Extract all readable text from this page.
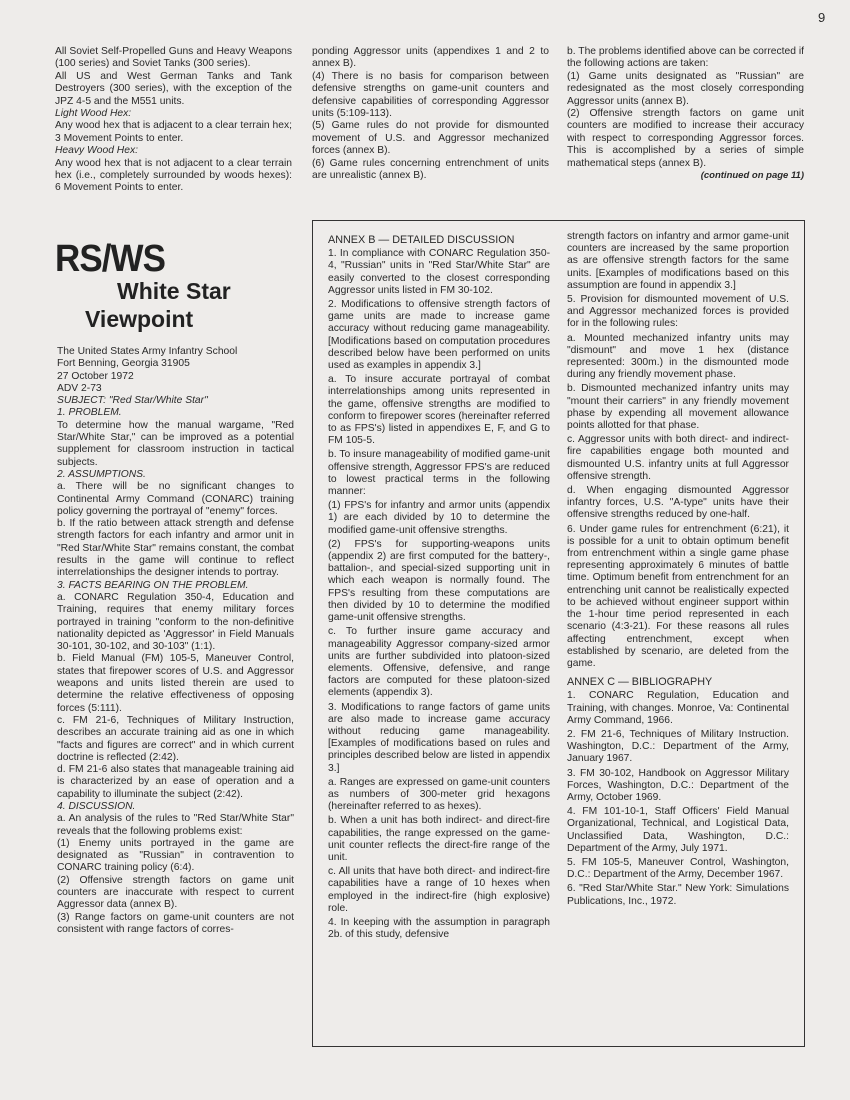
9

All Soviet Self-Propelled Guns and Heavy Weapons (100 series) and Soviet Tanks (300 series).

All US and West German Tanks and Tank Destroyers (300 series), with the exception of the JPZ 4-5 and the M551 units.

Light Wood Hex:

Any wood hex that is adjacent to a clear terrain hex; 3 Movement Points to enter.

Heavy Wood Hex:

Any wood hex that is not adjacent to a clear terrain hex (i.e., completely surrounded by woods hexes): 6 Movement Points to enter.

ponding Aggressor units (appendixes 1 and 2 to annex B).

(4) There is no basis for comparison between defensive strengths on game-unit counters and defensive capabilities of corresponding Aggressor units (5:109-113).

(5) Game rules do not provide for dismounted movement of U.S. and Aggressor mechanized forces (annex B).

(6) Game rules concerning entrenchment of units are unrealistic (annex B).

b. The problems identified above can be corrected if the following actions are taken:

(1) Game units designated as "Russian" are redesignated as the most closely corresponding Aggressor units (annex B).

(2) Offensive strength factors on game unit counters are modified to increase their accuracy with respect to corresponding Aggressor forces. This is accomplished by a series of simple mathematical steps (annex B).

(continued on page 11)

RS/WS
White Star
Viewpoint

The United States Army Infantry School

Fort Benning, Georgia 31905

27 October 1972

ADV 2-73

SUBJECT: "Red Star/White Star"

1. PROBLEM.

To determine how the manual wargame, "Red Star/White Star," can be improved as a potential supplement for classroom instruction in tactical subjects.

2. ASSUMPTIONS.

a. There will be no significant changes to Continental Army Command (CONARC) training policy governing the portrayal of "enemy" forces.

b. If the ratio between attack strength and defense strength factors for each infantry and armor unit in "Red Star/White Star" remains constant, the combat results in the game will continue to reflect interrelationships the designer intends to portray.

3. FACTS BEARING ON THE PROBLEM.

a. CONARC Regulation 350-4, Education and Training, requires that enemy military forces portrayed in training "conform to the non-definitive nationality depicted as 'Aggressor' in Field Manuals 30-101, 30-102, and 30-103" (1:1).

b. Field Manual (FM) 105-5, Maneuver Control, states that firepower scores of U.S. and Aggressor weapons and units listed therein are used to determine the relative effectiveness of opposing forces (5:111).

c. FM 21-6, Techniques of Military Instruction, describes an accurate training aid as one in which "facts and figures are correct" and in which current doctrine is reflected (2:42).

d. FM 21-6 also states that manageable training aid is characterized by an ease of operation and a capability to illuminate the subject (2:42).

4. DISCUSSION.

a. An analysis of the rules to "Red Star/White Star" reveals that the following problems exist:

(1) Enemy units portrayed in the game are designated as "Russian" in contravention to CONARC training policy (6:4).

(2) Offensive strength factors on game unit counters are inaccurate with respect to current Aggressor data (annex B).

(3) Range factors on game-unit counters are not consistent with range factors of corres-

ANNEX B — DETAILED DISCUSSION

1. In compliance with CONARC Regulation 350-4, "Russian" units in "Red Star/White Star" are easily converted to the closest corresponding Aggressor units listed in FM 30-102.

2. Modifications to offensive strength factors of game units are made to increase game accuracy without reducing game manageability. [Modifications based on computation procedures described below have been performed on units used as examples in appendix 3.]

a. To insure accurate portrayal of combat interrelationships among units represented in the game, offensive strengths are modified to conform to firepower scores (hereinafter referred to as FPS's) listed in appendixes E, F, and G to FM 105-5.

b. To insure manageability of modified game-unit offensive strength, Aggressor FPS's are reduced to lowest practical terms in the following manner:

(1) FPS's for infantry and armor units (appendix 1) are each divided by 10 to determine the modified game-unit offensive strengths.

(2) FPS's for supporting-weapons units (appendix 2) are first computed for the battery-, battalion-, and special-sized supporting unit in which each weapon is normally found. The FPS's resulting from these computations are then divided by 10 to determine the modified game-unit offensive strengths.

c. To further insure game accuracy and manageability Aggressor company-sized armor units are further subdivided into platoon-sized elements. Offensive, defensive, and range factors are computed for these platoon-sized elements (appendix 3).

3. Modifications to range factors of game units are also made to increase game accuracy without reducing game manageability. [Examples of modifications based on rules and principles described below are listed in appendix 3.]

a. Ranges are expressed on game-unit counters as numbers of 300-meter grid hexagons (hereinafter referred to as hexes).

b. When a unit has both indirect- and direct-fire capabilities, the range expressed on the game-unit counter reflects the direct-fire range of the unit.

c. All units that have both direct- and indirect-fire capabilities have a range of 10 hexes when employed in the indirect-fire (high explosive) role.

4. In keeping with the assumption in paragraph 2b. of this study, defensive

strength factors on infantry and armor game-unit counters are increased by the same proportion as are offensive strength factors for the same units. [Examples of modifications based on this assumption are found in appendix 3.]

5. Provision for dismounted movement of U.S. and Aggressor mechanized forces is provided for in the following rules:

a. Mounted mechanized infantry units may "dismount" and move 1 hex (distance represented: 300m.) in the dismounted mode during any friendly movement phase.

b. Dismounted mechanized infantry units may "mount their carriers" in any friendly movement phase by expending all movement allowance points allotted for that phase.

c. Aggressor units with both direct- and indirect-fire capabilities engage both mounted and dismounted U.S. infantry units at full Aggressor offensive strength.

d. When engaging dismounted Aggressor infantry forces, U.S. "A-type" units have their offensive strengths reduced by one-half.

6. Under game rules for entrenchment (6:21), it is possible for a unit to obtain optimum benefit from entrenchment within a single game phase representing approximately 6 minutes of battle time. Optimum benefit from entrenchment for an entrenching unit cannot be realistically expected to be achieved without engineer support within the 1-hour time period represented in each scenario (4:3-21). For these reasons all rules affecting entrenchment, except when established by scenario, are deleted from the game.

ANNEX C — BIBLIOGRAPHY

1. CONARC Regulation, Education and Training, with changes. Monroe, Va: Continental Army Command, 1966.

2. FM 21-6, Techniques of Military Instruction. Washington, D.C.: Department of the Army, January 1967.

3. FM 30-102, Handbook on Aggressor Military Forces, Washington, D.C.: Department of the Army, October 1969.

4. FM 101-10-1, Staff Officers' Field Manual Organizational, Technical, and Logistical Data, Unclassified Data, Washington, D.C.: Department of the Army, July 1971.

5. FM 105-5, Maneuver Control, Washington, D.C.: Department of the Army, December 1967.

6. "Red Star/White Star." New York: Simulations Publications, Inc., 1972.
